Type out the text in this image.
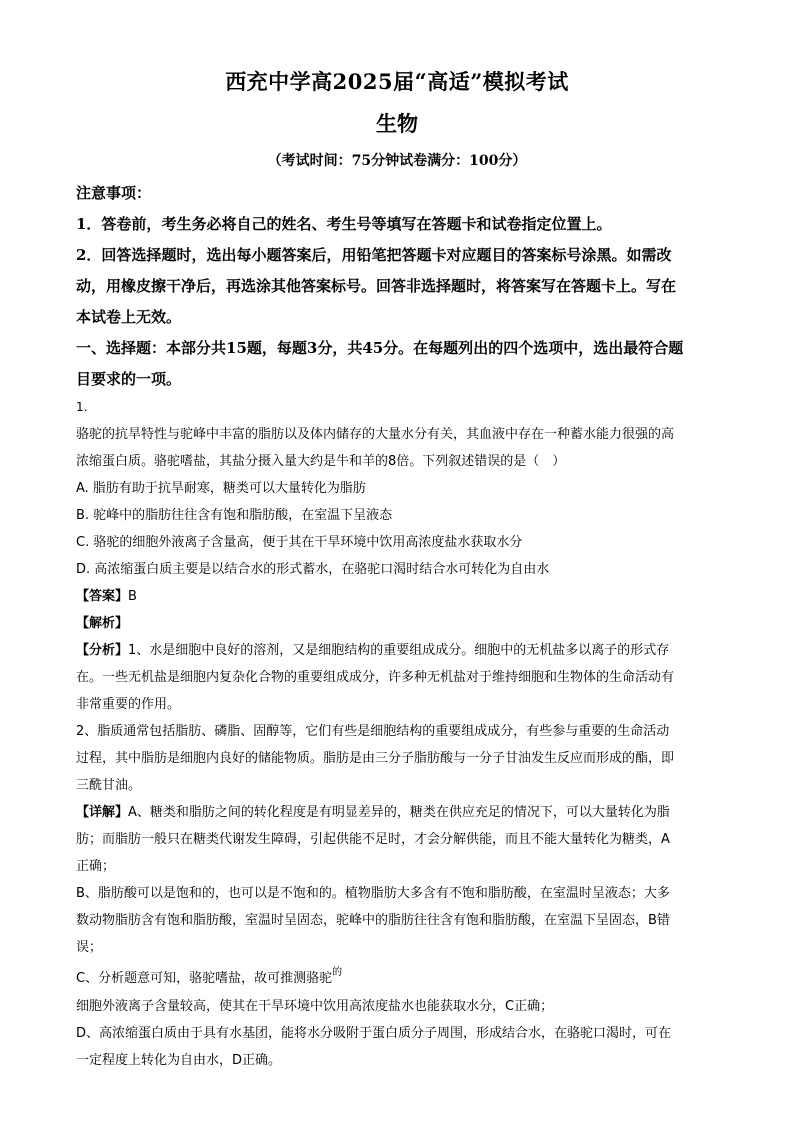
西充中学高2025届“高适”模拟考试
生物
（考试时间：75分钟试卷满分：100分）
注意事项：
1．答卷前，考生务必将自己的姓名、考生号等填写在答题卡和试卷指定位置上。
2．回答选择题时，选出每小题答案后，用铅笔把答题卡对应题目的答案标号涂黑。如需改
动，用橡皮擦干净后，再选涂其他答案标号。回答非选择题时，将答案写在答题卡上。写在
本试卷上无效。
一、选择题：本部分共15题，每题3分，共45分。在每题列出的四个选项中，选出最符合题
目要求的一项。
1.
骆驼的抗旱特性与驼峰中丰富的脂肪以及体内储存的大量水分有关，其血液中存在一种蓄水能力很强的高
浓缩蛋白质。骆驼嗜盐，其盐分摄入量大约是牛和羊的8倍。下列叙述错误的是（　）
A. 脂肪有助于抗旱耐寒，糖类可以大量转化为脂肪
B. 驼峰中的脂肪往往含有饱和脂肪酸，在室温下呈液态
C. 骆驼的细胞外液离子含量高，便于其在干旱环境中饮用高浓度盐水获取水分
D. 高浓缩蛋白质主要是以结合水的形式蓄水，在骆驼口渴时结合水可转化为自由水
【答案】B
【解析】
【分析】1、水是细胞中良好的溶剂，又是细胞结构的重要组成成分。细胞中的无机盐多以离子的形式存
在。一些无机盐是细胞内复杂化合物的重要组成成分，许多种无机盐对于维持细胞和生物体的生命活动有
非常重要的作用。
2、脂质通常包括脂肪、磷脂、固醇等，它们有些是细胞结构的重要组成成分，有些参与重要的生命活动
过程，其中脂肪是细胞内良好的储能物质。脂肪是由三分子脂肪酸与一分子甘油发生反应而形成的酯，即
三酰甘油。
【详解】A、糖类和脂肪之间的转化程度是有明显差异的，糖类在供应充足的情况下，可以大量转化为脂
肪；而脂肪一般只在糖类代谢发生障碍，引起供能不足时，才会分解供能，而且不能大量转化为糖类，A
正确；
B、脂肪酸可以是饱和的，也可以是不饱和的。植物脂肪大多含有不饱和脂肪酸，在室温时呈液态；大多
数动物脂肪含有饱和脂肪酸，室温时呈固态，驼峰中的脂肪往往含有饱和脂肪酸，在室温下呈固态，B错
误；
C、分析题意可知，骆驼嗜盐，故可推测骆驼$^的$
细胞外液离子含量较高，使其在干旱环境中饮用高浓度盐水也能获取水分，C正确；
D、高浓缩蛋白质由于具有水基团，能将水分吸附于蛋白质分子周围，形成结合水，在骆驼口渴时，可在
一定程度上转化为自由水，D正确。
